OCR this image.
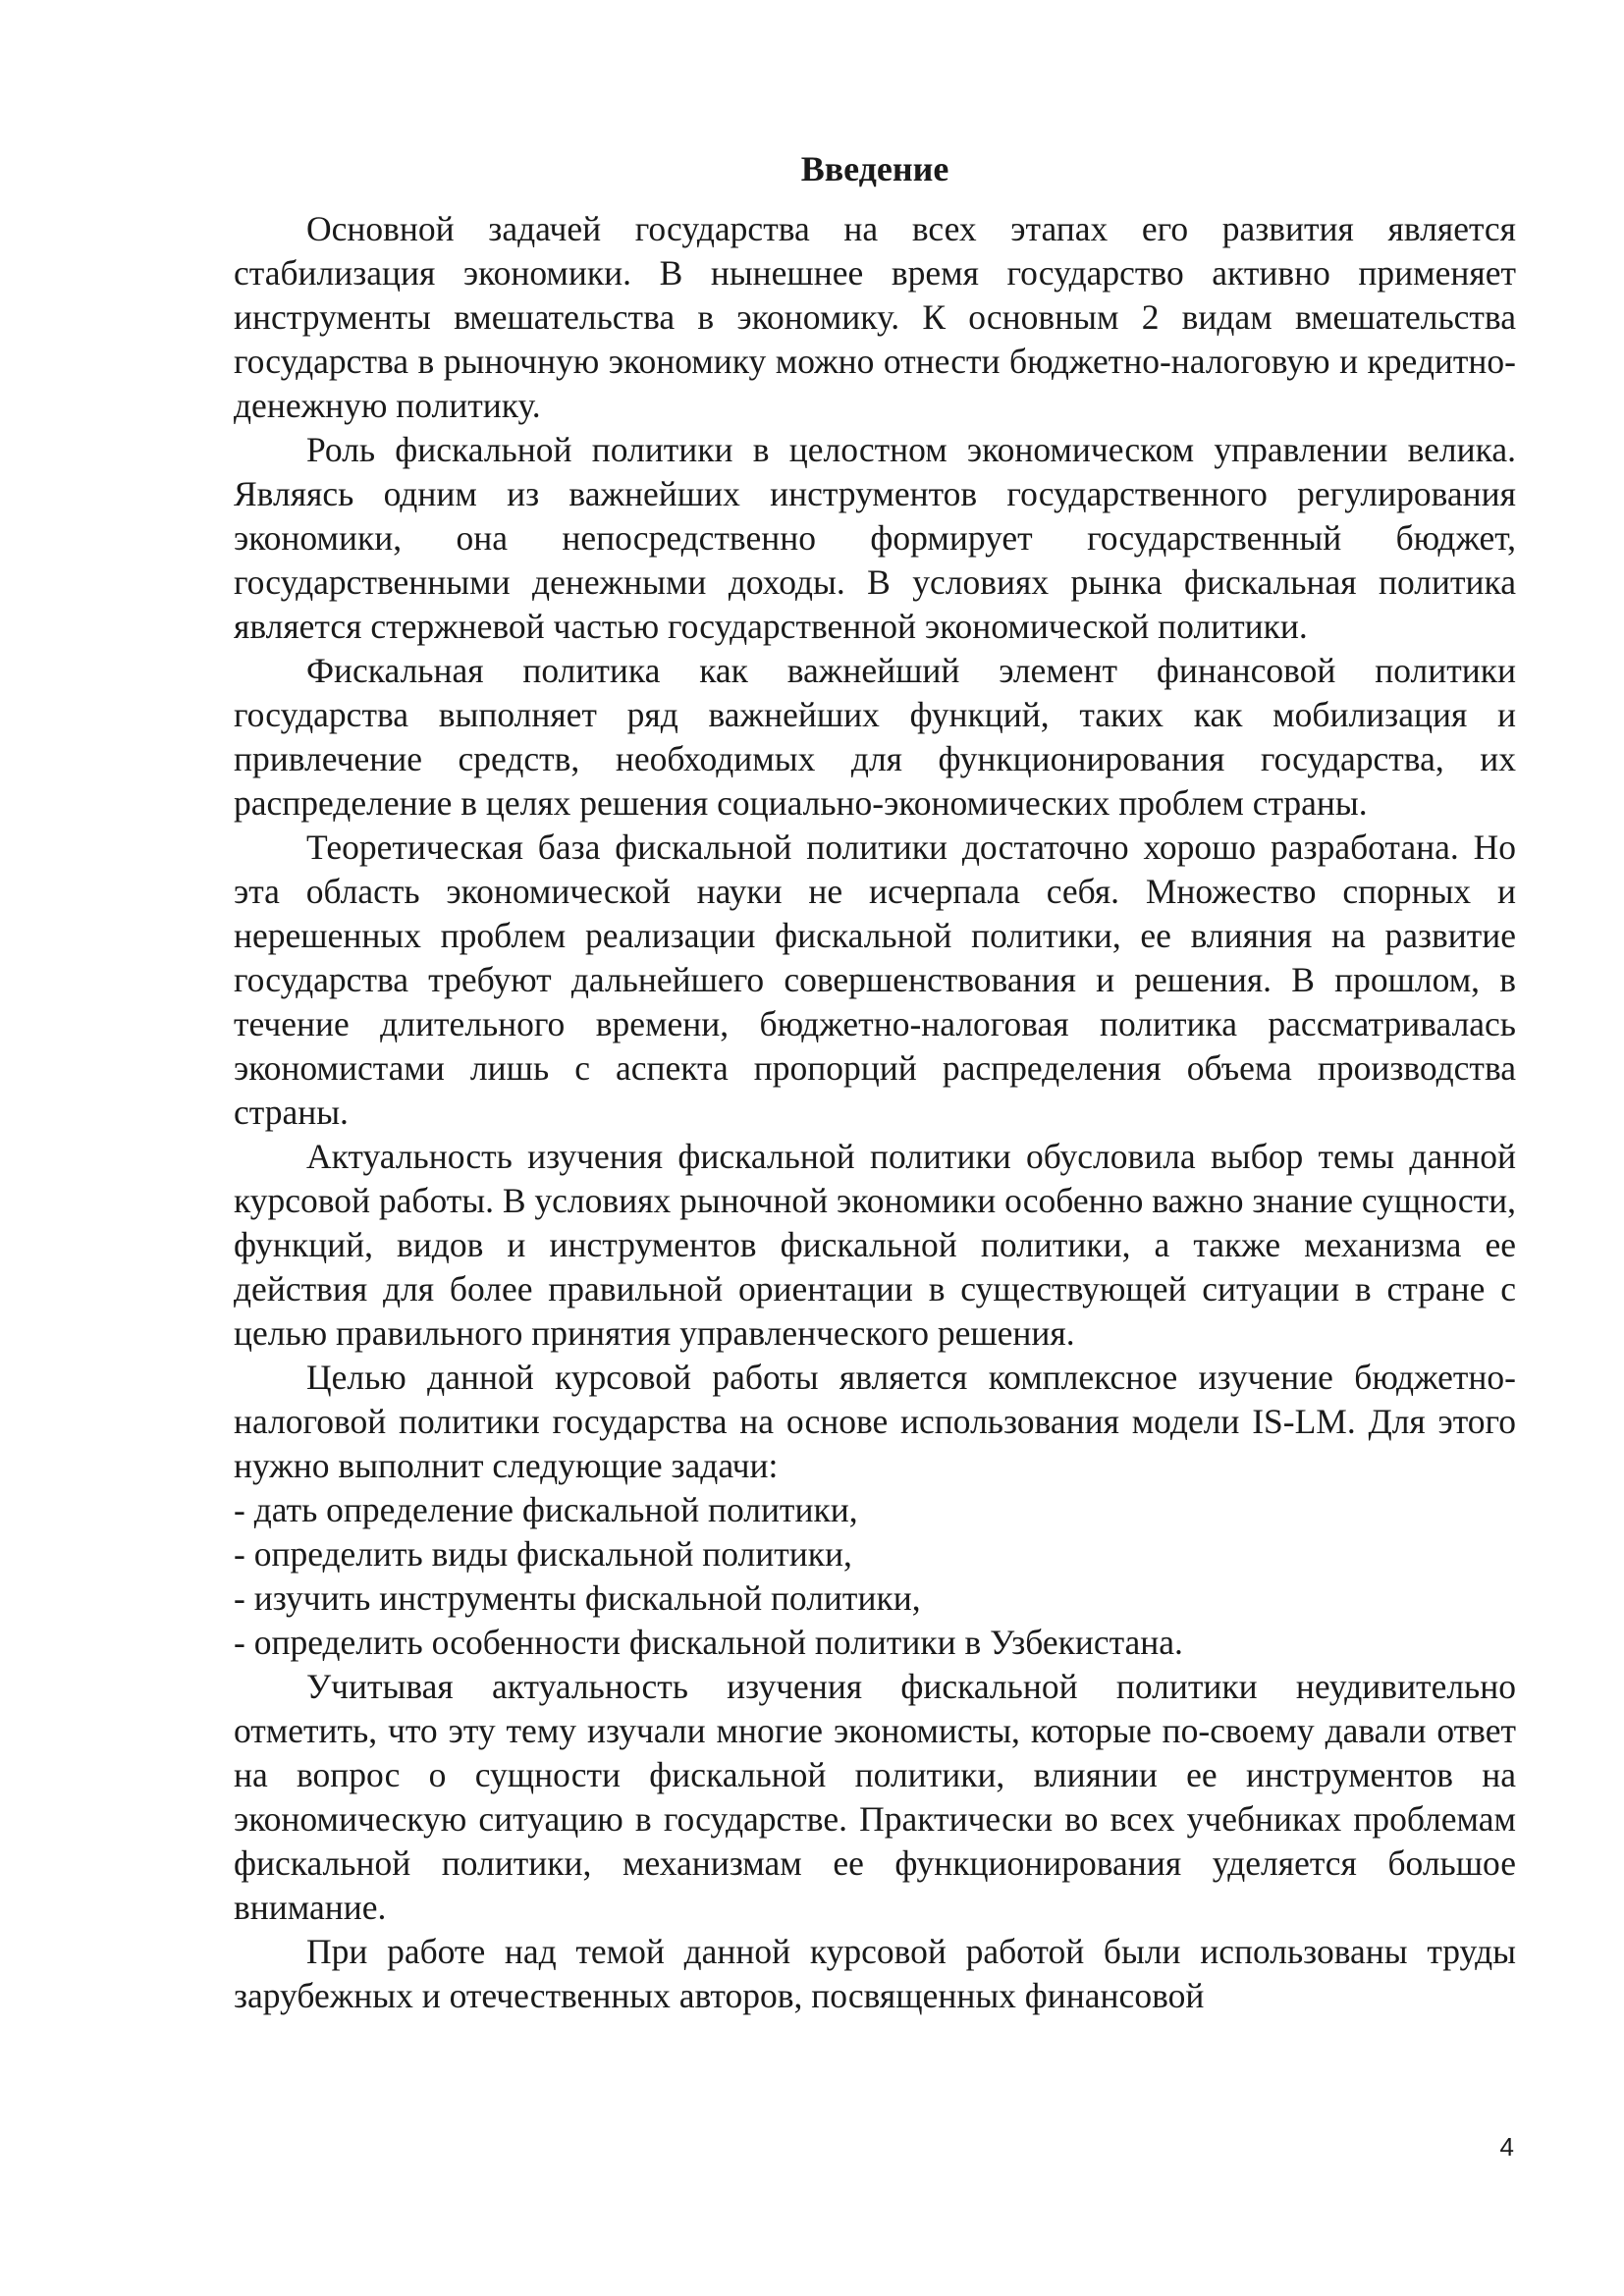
Введение

Основной задачей государства на всех этапах его развития является стабилизация экономики. В нынешнее время государство активно применяет инструменты вмешательства в экономику. К основным 2 видам вмешательства государства в рыночную экономику можно отнести бюджетно-налоговую и кредитно-денежную политику.

Роль фискальной политики в целостном экономическом управлении велика. Являясь одним из важнейших инструментов государственного регулирования экономики, она непосредственно формирует государственный бюджет, государственными денежными доходы. В условиях рынка фискальная политика является стержневой частью государственной экономической политики.

Фискальная политика как важнейший элемент финансовой политики государства выполняет ряд важнейших функций, таких как мобилизация и привлечение средств, необходимых для функционирования государства, их распределение в целях решения социально-экономических проблем страны.

Теоретическая база фискальной политики достаточно хорошо разработана. Но эта область экономической науки не исчерпала себя. Множество спорных и нерешенных проблем реализации фискальной политики, ее влияния на развитие государства требуют дальнейшего совершенствования и решения. В прошлом, в течение длительного времени, бюджетно-налоговая политика рассматривалась экономистами лишь с аспекта пропорций распределения объема производства страны.

Актуальность изучения фискальной политики обусловила выбор темы данной курсовой работы. В условиях рыночной экономики особенно важно знание сущности, функций, видов и инструментов фискальной политики, а также механизма ее действия для более правильной ориентации в существующей ситуации в стране с целью правильного принятия управленческого решения.

Целью данной курсовой работы является комплексное изучение бюджетно-налоговой политики государства на основе использования модели IS-LM. Для этого нужно выполнит следующие задачи:

- дать определение фискальной политики,
- определить виды фискальной политики,
- изучить инструменты фискальной политики,
- определить особенности фискальной политики в Узбекистана.

Учитывая актуальность изучения фискальной политики неудивительно отметить, что эту тему изучали многие экономисты, которые по-своему давали ответ на вопрос о сущности фискальной политики, влиянии ее инструментов на экономическую ситуацию в государстве. Практически во всех учебниках проблемам фискальной политики, механизмам ее функционирования уделяется большое внимание.

При работе над темой данной курсовой работой были использованы труды зарубежных и отечественных авторов, посвященных финансовой

4
